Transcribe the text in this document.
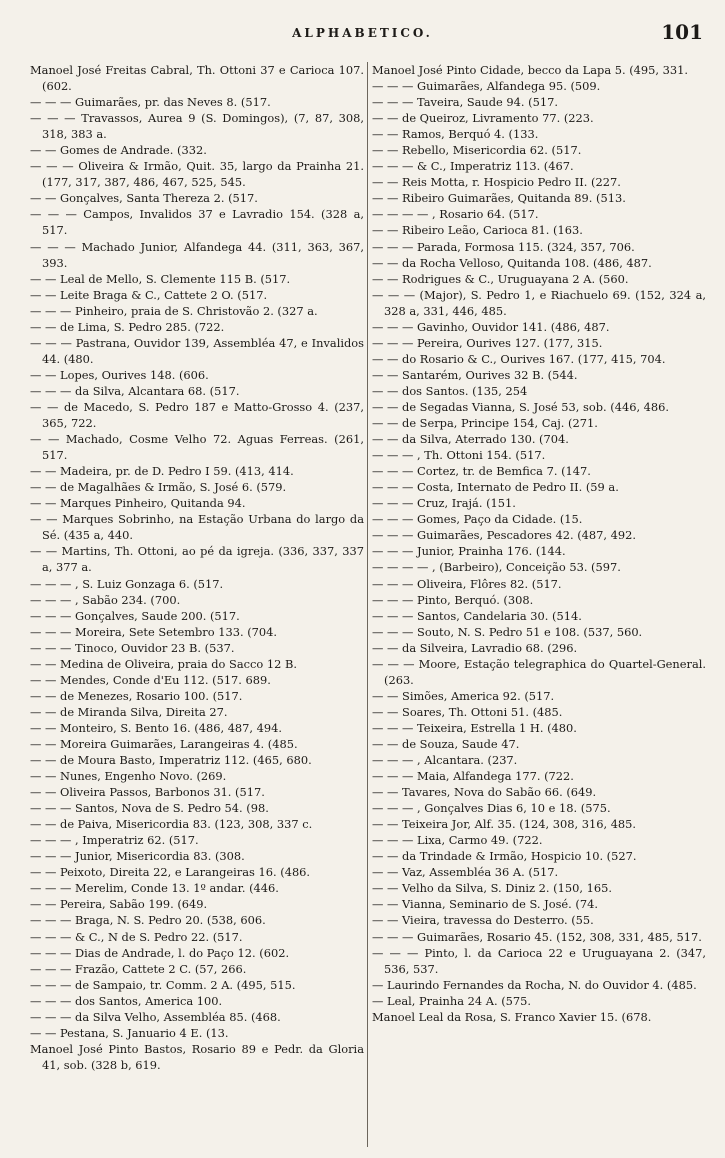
ALPHABETICO.	101

Manoel José Freitas Cabral, Th. Ottoni 37 e Carioca 107. (602.

— — — Guimarães, pr. das Neves 8. (517.

— — — Travassos, Aurea 9 (S. Domingos), (7, 87, 308, 318, 383 a.

— — Gomes de Andrade. (332.

— — — Oliveira & Irmão, Quit. 35, largo da Prainha 21. (177, 317, 387, 486, 467, 525, 545.

— — Gonçalves, Santa Thereza 2. (517.

— — — Campos, Invalidos 37 e Lavradio 154. (328 a, 517.

— — — Machado Junior, Alfandega 44. (311, 363, 367, 393.

— — Leal de Mello, S. Clemente 115 B. (517.

— — Leite Braga & C., Cattete 2 O. (517.

— — — Pinheiro, praia de S. Christovão 2. (327 a.

— — de Lima, S. Pedro 285. (722.

— — — Pastrana, Ouvidor 139, Assembléa 47, e Invalidos 44. (480.

— — Lopes, Ourives 148. (606.

— — — da Silva, Alcantara 68. (517.

— — de Macedo, S. Pedro 187 e Matto-Grosso 4. (237, 365, 722.

— — Machado, Cosme Velho 72. Aguas Ferreas. (261, 517.

— — Madeira, pr. de D. Pedro I 59. (413, 414.

— — de Magalhães & Irmão, S. José 6. (579.

— — Marques Pinheiro, Quitanda 94.

— — Marques Sobrinho, na Estação Urbana do largo da Sé. (435 a, 440.

— — Martins, Th. Ottoni, ao pé da igreja. (336, 337, 337 a, 377 a.

— — — , S. Luiz Gonzaga 6. (517.

— — — , Sabão 234. (700.

— — — Gonçalves, Saude 200. (517.

— — — Moreira, Sete Setembro 133. (704.

— — — Tinoco, Ouvidor 23 B. (537.

— — Medina de Oliveira, praia do Sacco 12 B.

— — Mendes, Conde d'Eu 112. (517. 689.

— — de Menezes, Rosario 100. (517.

— — de Miranda Silva, Direita 27.

— — Monteiro, S. Bento 16. (486, 487, 494.

— — Moreira Guimarães, Larangeiras 4. (485.

— — de Moura Basto, Imperatriz 112. (465, 680.

— — Nunes, Engenho Novo. (269.

— — Oliveira Passos, Barbonos 31. (517.

— — — Santos, Nova de S. Pedro 54. (98.

— — de Paiva, Misericordia 83. (123, 308, 337 c.

— — — , Imperatriz 62. (517.

— — — Junior, Misericordia 83. (308.

— — Peixoto, Direita 22, e Larangeiras 16. (486.

— — — Merelim, Conde 13. 1º andar. (446.

— — Pereira, Sabão 199. (649.

— — — Braga, N. S. Pedro 20. (538, 606.

— — — & C., N de S. Pedro 22. (517.

— — — Dias de Andrade, l. do Paço 12. (602.

— — — Frazão, Cattete 2 C. (57, 266.

— — — de Sampaio, tr. Comm. 2 A. (495, 515.

— — — dos Santos, America 100.

— — — da Silva Velho, Assembléa 85. (468.

— — Pestana, S. Januario 4 E. (13.

Manoel José Pinto Bastos, Rosario 89 e Pedr. da Gloria 41, sob. (328 b, 619.

Manoel José Pinto Cidade, becco da Lapa 5. (495, 331.

— — — Guimarães, Alfandega 95. (509.

— — — Taveira, Saude 94. (517.

— — de Queiroz, Livramento 77. (223.

— — Ramos, Berquó 4. (133.

— — Rebello, Misericordia 62. (517.

— — — & C., Imperatriz 113. (467.

— — Reis Motta, r. Hospicio Pedro II. (227.

— — Ribeiro Guimarães, Quitanda 89. (513.

— — — — , Rosario 64. (517.

— — Ribeiro Leão, Carioca 81. (163.

— — — Parada, Formosa 115. (324, 357, 706.

— — da Rocha Velloso, Quitanda 108. (486, 487.

— — Rodrigues & C., Uruguayana 2 A. (560.

— — — (Major), S. Pedro 1, e Riachuelo 69. (152, 324 a, 328 a, 331, 446, 485.

— — — Gavinho, Ouvidor 141. (486, 487.

— — — Pereira, Ourives 127. (177, 315.

— — do Rosario & C., Ourives 167. (177, 415, 704.

— — Santarém, Ourives 32 B. (544.

— — dos Santos. (135, 254

— — de Segadas Vianna, S. José 53, sob. (446, 486.

— — de Serpa, Principe 154, Caj. (271.

— — da Silva, Aterrado 130. (704.

— — — , Th. Ottoni 154. (517.

— — — Cortez, tr. de Bemfica 7. (147.

— — — Costa, Internato de Pedro II. (59 a.

— — — Cruz, Irajá. (151.

— — — Gomes, Paço da Cidade. (15.

— — — Guimarães, Pescadores 42. (487, 492.

— — — Junior, Prainha 176. (144.

— — — — , (Barbeiro), Conceição 53. (597.

— — — Oliveira, Flôres 82. (517.

— — — Pinto, Berquó. (308.

— — — Santos, Candelaria 30. (514.

— — — Souto, N. S. Pedro 51 e 108. (537, 560.

— — da Silveira, Lavradio 68. (296.

— — — Moore, Estação telegraphica do Quartel-General. (263.

— — Simões, America 92. (517.

— — Soares, Th. Ottoni 51. (485.

— — — Teixeira, Estrella 1 H. (480.

— — de Souza, Saude 47.

— — — , Alcantara. (237.

— — — Maia, Alfandega 177. (722.

— — Tavares, Nova do Sabão 66. (649.

— — — , Gonçalves Dias 6, 10 e 18. (575.

— — Teixeira Jor, Alf. 35. (124, 308, 316, 485.

— — — Lixa, Carmo 49. (722.

— — da Trindade & Irmão, Hospicio 10. (527.

— — Vaz, Assembléa 36 A. (517.

— — Velho da Silva, S. Diniz 2. (150, 165.

— — Vianna, Seminario de S. José. (74.

— — Vieira, travessa do Desterro. (55.

— — — Guimarães, Rosario 45. (152, 308, 331, 485, 517.

— — — Pinto, l. da Carioca 22 e Uruguayana 2. (347, 536, 537.

— Laurindo Fernandes da Rocha, N. do Ouvidor 4. (485.

— Leal, Prainha 24 A. (575.

Manoel Leal da Rosa, S. Franco Xavier 15. (678.
